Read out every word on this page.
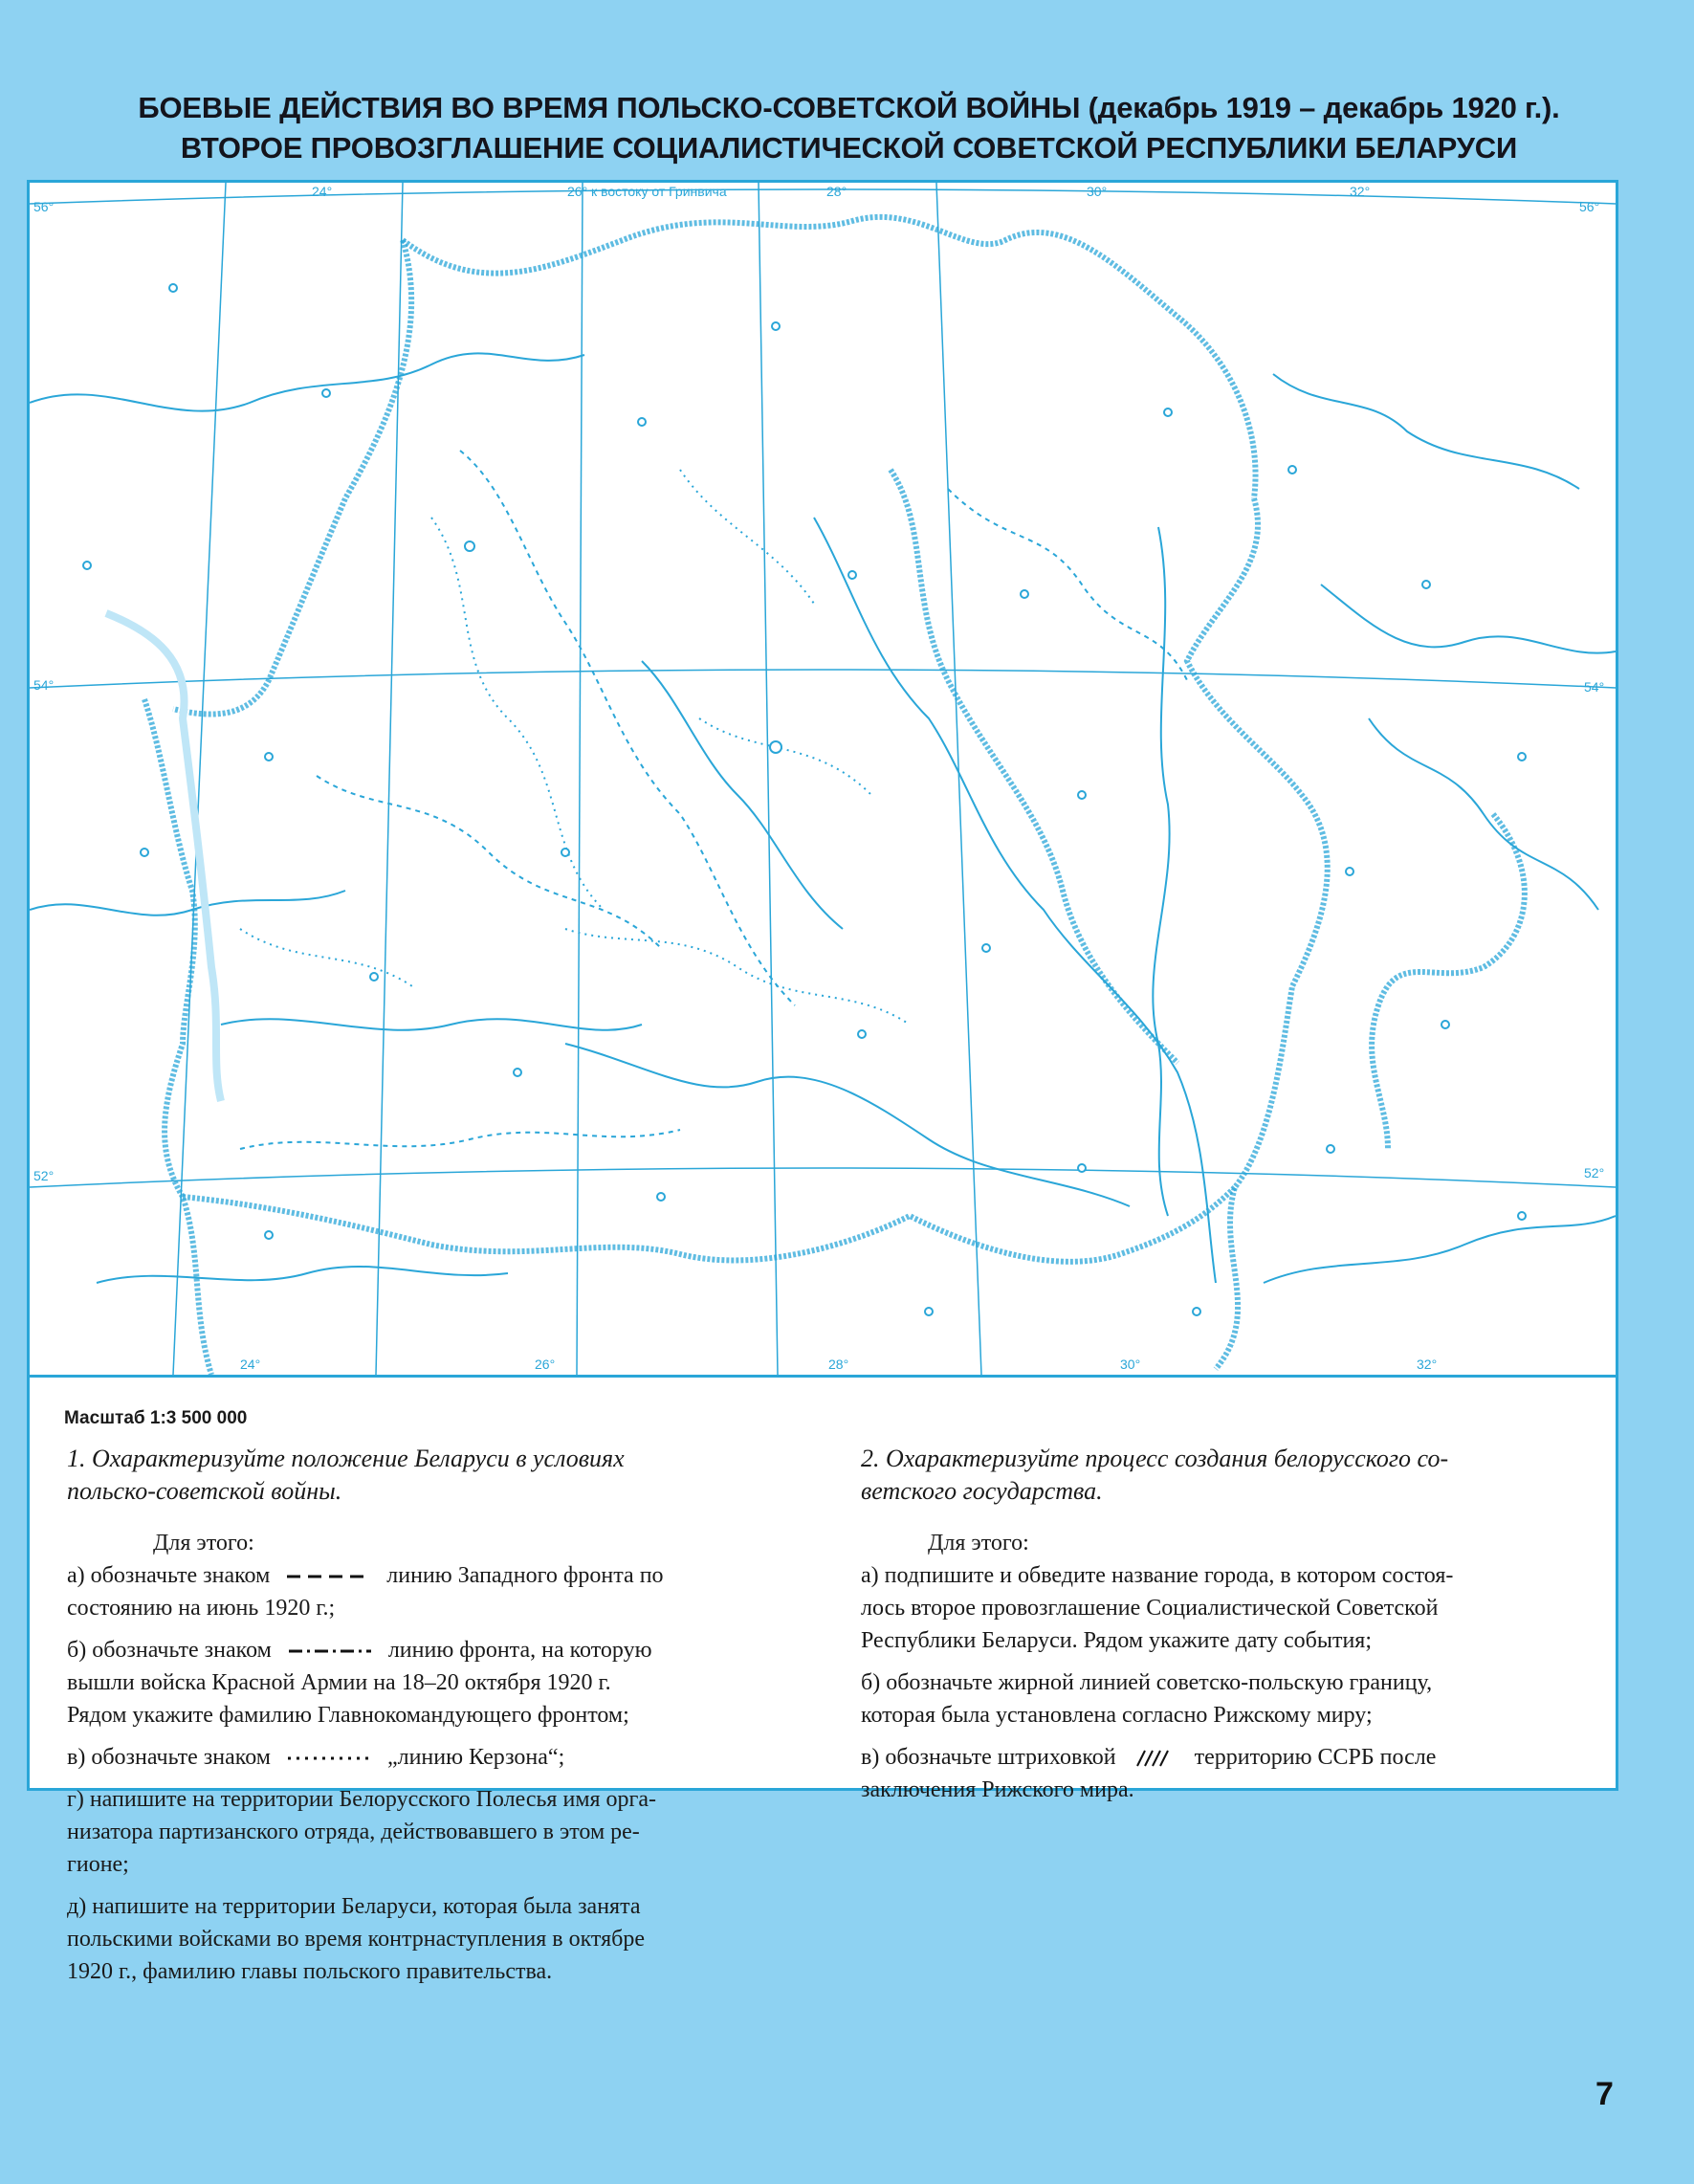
БОЕВЫЕ ДЕЙСТВИЯ ВО ВРЕМЯ ПОЛЬСКО-СОВЕТСКОЙ ВОЙНЫ (декабрь 1919 – декабрь 1920 г.).
ВТОРОЕ ПРОВОЗГЛАШЕНИЕ СОЦИАЛИСТИЧЕСКОЙ СОВЕТСКОЙ РЕСПУБЛИКИ БЕЛАРУСИ
56°	56°
54°	54°
52°	52°
24°	26° к востоку от Гринвича	28°	30°	32°
24°	26°	28°	30°	32°
Масштаб 1:3 500 000

1. Охарактеризуйте положение Беларуси в условиях
польско-советской войны.

Для этого:

а) обозначьте знаком	линию Западного фронта по
состоянию на июнь 1920 г.;

б) обозначьте знаком	линию фронта, на которую
вышли войска Красной Армии на 18–20 октября 1920 г.
Рядом укажите фамилию Главнокомандующего фронтом;

в) обозначьте знаком	„линию Керзона“;

г) напишите на территории Белорусского Полесья имя орга-
низатора партизанского отряда, действовавшего в этом ре-
гионе;

д) напишите на территории Беларуси, которая была занята
польскими войсками во время контрнаступления в октябре
1920 г., фамилию главы польского правительства.

2. Охарактеризуйте процесс создания белорусского со-
ветского государства.

Для этого:

а) подпишите и обведите название города, в котором состоя-
лось второе провозглашение Социалистической Советской
Республики Беларуси. Рядом укажите дату события;

б) обозначьте жирной линией советско-польскую границу,
которая была установлена согласно Рижскому миру;

в) обозначьте штриховкой	территорию ССРБ после
заключения Рижского мира.

7
